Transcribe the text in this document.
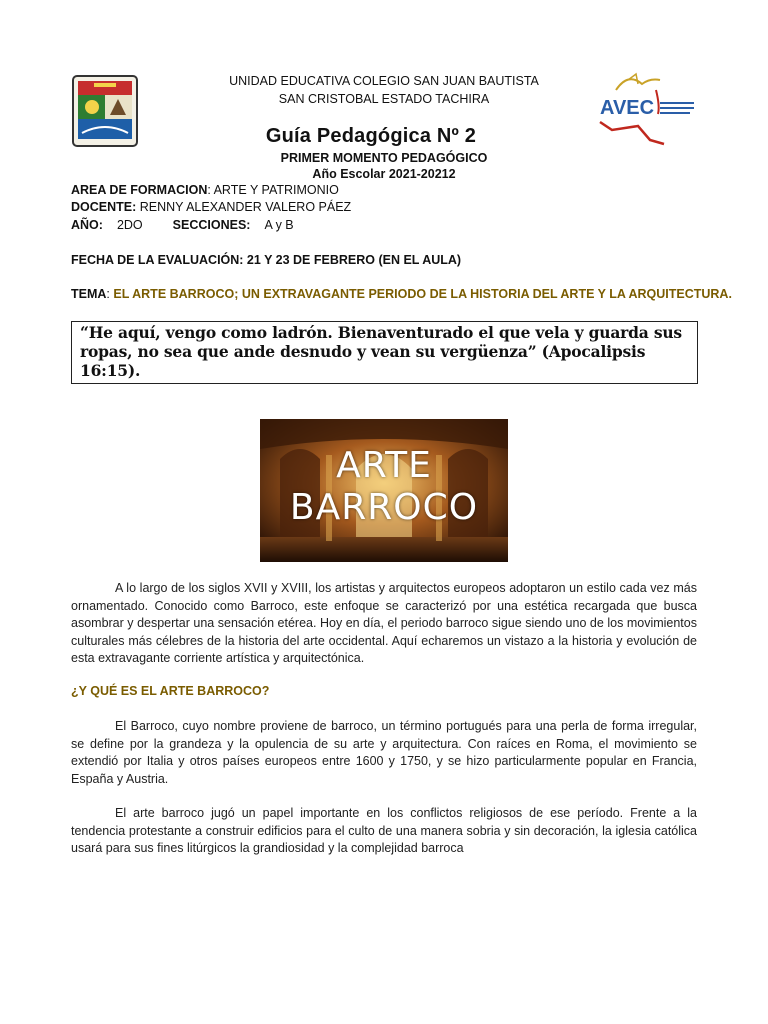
AVEC
UNIDAD EDUCATIVA COLEGIO SAN JUAN BAUTISTA
SAN CRISTOBAL ESTADO TACHIRA
Guía Pedagógica Nº 2
PRIMER MOMENTO PEDAGÓGICO
Año Escolar 2021-20212
AREA DE FORMACION: ARTE Y PATRIMONIO
DOCENTE: RENNY ALEXANDER VALERO PÁEZ
AÑO: 2DO SECCIONES: A y B
FECHA DE LA EVALUACIÓN: 21 Y 23 DE FEBRERO (EN EL AULA)
TEMA: EL ARTE BARROCO; UN EXTRAVAGANTE PERIODO DE LA HISTORIA DEL ARTE Y LA ARQUITECTURA.

“He aquí, vengo como ladrón. Bienaventurado el que vela y guarda sus ropas, no sea que ande desnudo y vean su vergüenza” (Apocalipsis 16:15).

ARTE
BARROCO
A lo largo de los siglos XVII y XVIII, los artistas y arquitectos europeos adoptaron un estilo cada vez más ornamentado. Conocido como Barroco, este enfoque se caracterizó por una estética recargada que busca asombrar y despertar una sensación etérea. Hoy en día, el periodo barroco sigue siendo uno de los movimientos culturales más célebres de la historia del arte occidental. Aquí echaremos un vistazo a la historia y evolución de esta extravagante corriente artística y arquitectónica.
¿Y QUÉ ES EL ARTE BARROCO?
El Barroco, cuyo nombre proviene de barroco, un término portugués para una perla de forma irregular, se define por la grandeza y la opulencia de su arte y arquitectura. Con raíces en Roma, el movimiento se extendió por Italia y otros países europeos entre 1600 y 1750, y se hizo particularmente popular en Francia, España y Austria.
El arte barroco jugó un papel importante en los conflictos religiosos de ese período. Frente a la tendencia protestante a construir edificios para el culto de una manera sobria y sin decoración, la iglesia católica usará para sus fines litúrgicos la grandiosidad y la complejidad barroca
